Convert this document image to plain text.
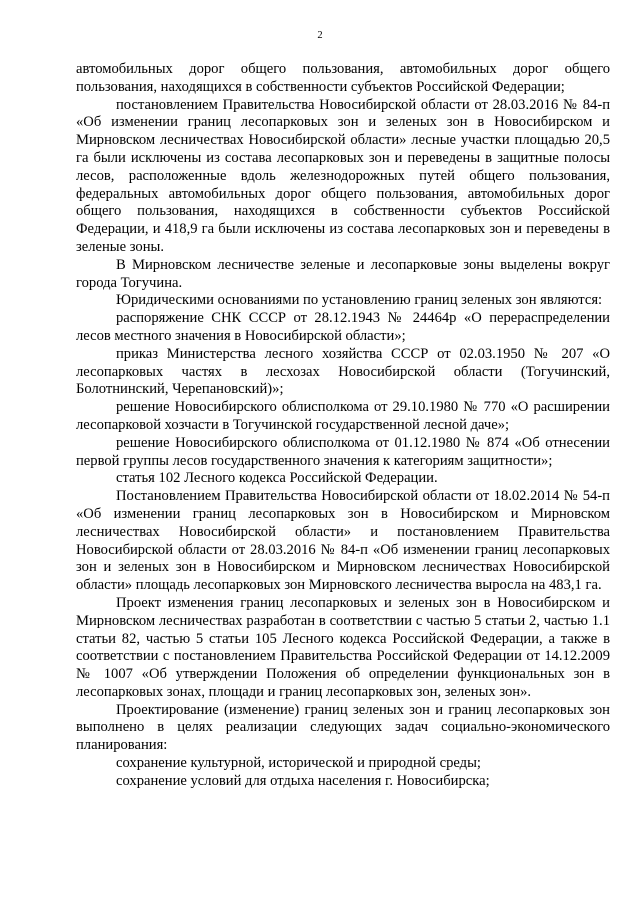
2

автомобильных дорог общего пользования, автомобильных дорог общего пользования, находящихся в собственности субъектов Российской Федерации;

постановлением Правительства Новосибирской области от 28.03.2016 № 84-п «Об изменении границ лесопарковых зон и зеленых зон в Новосибирском и Мирновском лесничествах Новосибирской области» лесные участки площадью 20,5 га были исключены из состава лесопарковых зон и переведены в защитные полосы лесов, расположенные вдоль железнодорожных путей общего пользования, федеральных автомобильных дорог общего пользования, автомобильных дорог общего пользования, находящихся в собственности субъектов Российской Федерации, и 418,9 га были исключены из состава лесопарковых зон и переведены в зеленые зоны.

В Мирновском лесничестве зеленые и лесопарковые зоны выделены вокруг города Тогучина.

Юридическими основаниями по установлению границ зеленых зон являются:

распоряжение СНК СССР от 28.12.1943 № 24464р «О перераспределении лесов местного значения в Новосибирской области»;

приказ Министерства лесного хозяйства СССР от 02.03.1950 № 207 «О лесопарковых частях в лесхозах Новосибирской области (Тогучинский, Болотнинский, Черепановский)»;

решение Новосибирского облисполкома от 29.10.1980 № 770 «О расширении лесопарковой хозчасти в Тогучинской государственной лесной даче»;

решение Новосибирского облисполкома от 01.12.1980 № 874 «Об отнесении первой группы лесов государственного значения к категориям защитности»;

статья 102 Лесного кодекса Российской Федерации.

Постановлением Правительства Новосибирской области от 18.02.2014 № 54-п «Об изменении границ лесопарковых зон в Новосибирском и Мирновском лесничествах Новосибирской области» и постановлением Правительства Новосибирской области от 28.03.2016 № 84-п «Об изменении границ лесопарковых зон и зеленых зон в Новосибирском и Мирновском лесничествах Новосибирской области» площадь лесопарковых зон Мирновского лесничества выросла на 483,1 га.

Проект изменения границ лесопарковых и зеленых зон в Новосибирском и Мирновском лесничествах разработан в соответствии с частью 5 статьи 2, частью 1.1 статьи 82, частью 5 статьи 105 Лесного кодекса Российской Федерации, а также в соответствии с постановлением Правительства Российской Федерации от 14.12.2009 № 1007 «Об утверждении Положения об определении функциональных зон в лесопарковых зонах, площади и границ лесопарковых зон, зеленых зон».

Проектирование (изменение) границ зеленых зон и границ лесопарковых зон выполнено в целях реализации следующих задач социально-экономического планирования:

сохранение культурной, исторической и природной среды;

сохранение условий для отдыха населения г. Новосибирска;
